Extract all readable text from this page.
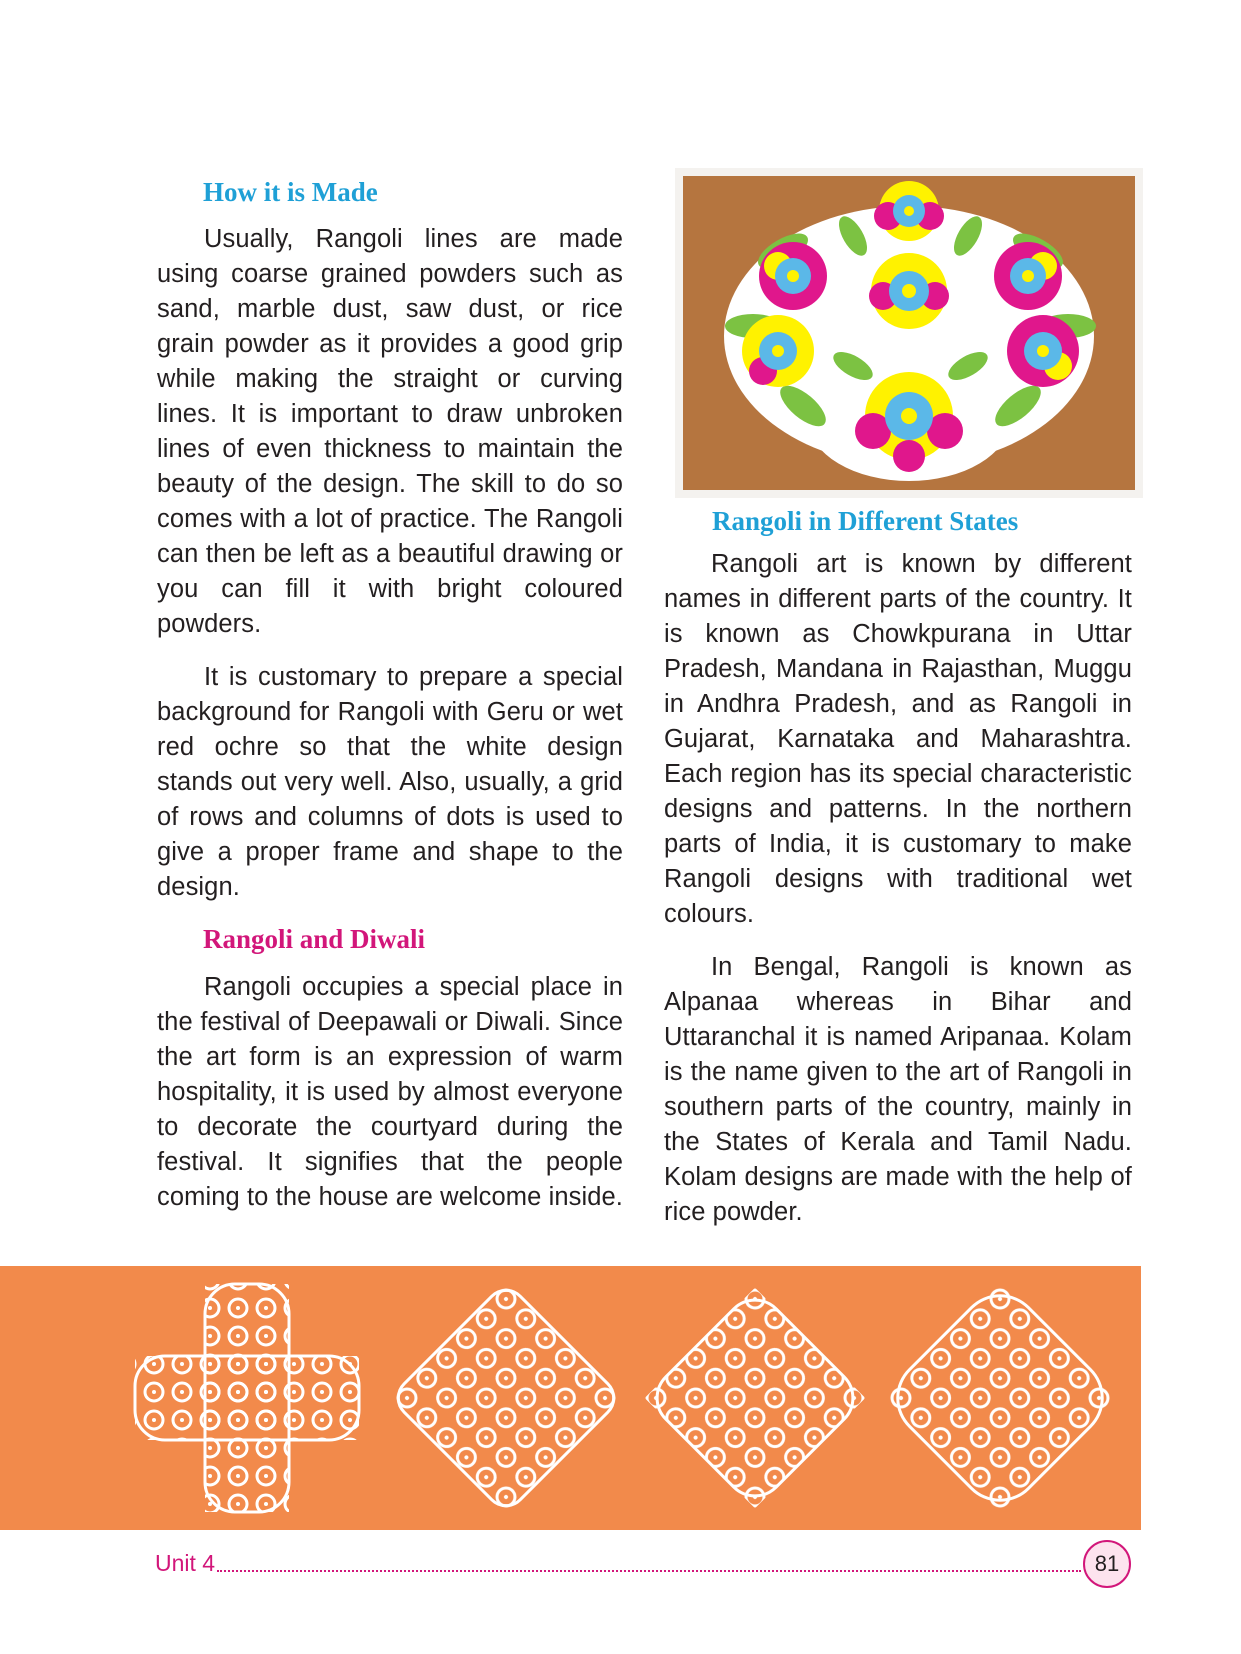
How it is Made

Usually, Rangoli lines are made using coarse grained powders such as sand, marble dust, saw dust, or rice grain powder as it provides a good grip while making the straight or curving lines. It is important to draw unbroken lines of even thickness to maintain the beauty of the design. The skill to do so comes with a lot of practice. The Rangoli can then be left as a beautiful drawing or you can fill it with bright coloured powders.

It is customary to prepare a special background for Rangoli with Geru or wet red ochre so that the white design stands out very well. Also, usually, a grid of rows and columns of dots is used to give a proper frame and shape to the design.

Rangoli and Diwali

Rangoli occupies a special place in the festival of Deepawali or Diwali. Since the art form is an expression of warm hospitality, it is used by almost everyone to decorate the courtyard during the festival. It signifies that the people coming to the house are welcome inside.

Rangoli in Different States

Rangoli art is known by different names in different parts of the country. It is known as Chowkpurana in Uttar Pradesh, Mandana in Rajasthan, Muggu in Andhra Pradesh, and as Rangoli in Gujarat, Karnataka and Maharashtra. Each region has its special characteristic designs and patterns. In the northern parts of India, it is customary to make Rangoli designs with traditional wet colours.

In Bengal, Rangoli is known as Alpanaa whereas in Bihar and Uttaranchal it is named Aripanaa. Kolam is the name given to the art of Rangoli in southern parts of the country, mainly in the States of Kerala and Tamil Nadu. Kolam designs are made with the help of rice powder.

Unit 4	81
